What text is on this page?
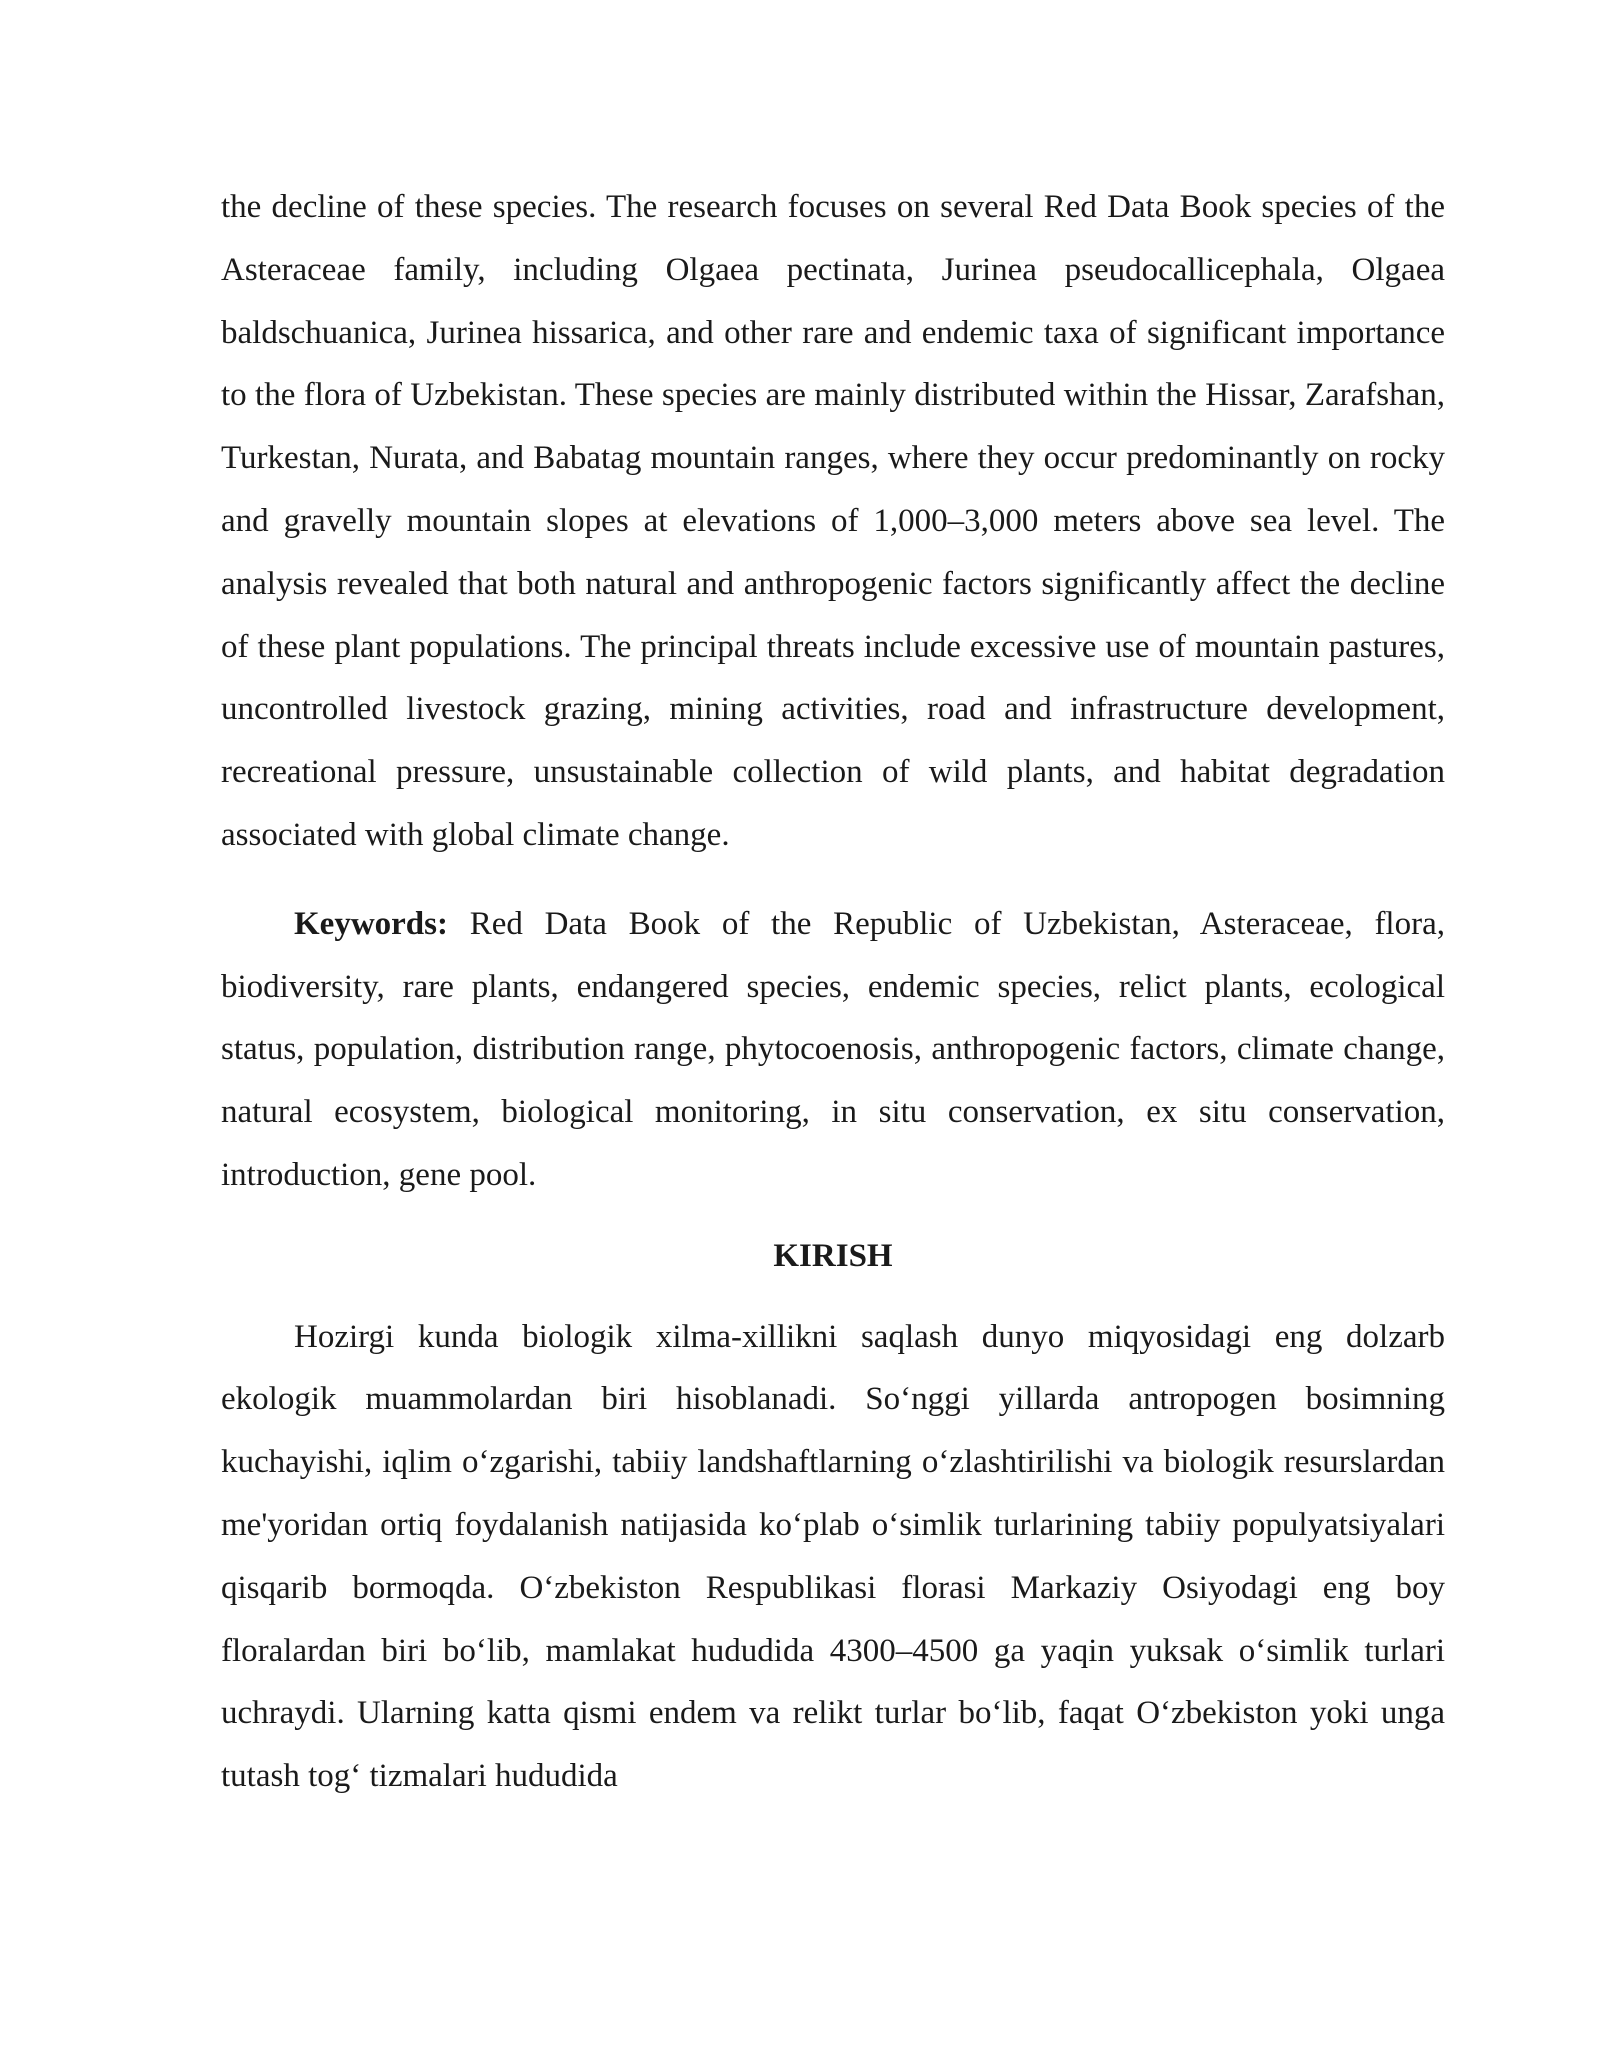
the decline of these species. The research focuses on several Red Data Book species of the Asteraceae family, including Olgaea pectinata, Jurinea pseudocallicephala, Olgaea baldschuanica, Jurinea hissarica, and other rare and endemic taxa of significant importance to the flora of Uzbekistan. These species are mainly distributed within the Hissar, Zarafshan, Turkestan, Nurata, and Babatag mountain ranges, where they occur predominantly on rocky and gravelly mountain slopes at elevations of 1,000–3,000 meters above sea level. The analysis revealed that both natural and anthropogenic factors significantly affect the decline of these plant populations. The principal threats include excessive use of mountain pastures, uncontrolled livestock grazing, mining activities, road and infrastructure development, recreational pressure, unsustainable collection of wild plants, and habitat degradation associated with global climate change.

Keywords: Red Data Book of the Republic of Uzbekistan, Asteraceae, flora, biodiversity, rare plants, endangered species, endemic species, relict plants, ecological status, population, distribution range, phytocoenosis, anthropogenic factors, climate change, natural ecosystem, biological monitoring, in situ conservation, ex situ conservation, introduction, gene pool.

KIRISH

Hozirgi kunda biologik xilma-xillikni saqlash dunyo miqyosidagi eng dolzarb ekologik muammolardan biri hisoblanadi. So‘nggi yillarda antropogen bosimning kuchayishi, iqlim o‘zgarishi, tabiiy landshaftlarning o‘zlashtirilishi va biologik resurslardan me'yoridan ortiq foydalanish natijasida ko‘plab o‘simlik turlarining tabiiy populyatsiyalari qisqarib bormoqda. O‘zbekiston Respublikasi florasi Markaziy Osiyodagi eng boy floralardan biri bo‘lib, mamlakat hududida 4300–4500 ga yaqin yuksak o‘simlik turlari uchraydi. Ularning katta qismi endem va relikt turlar bo‘lib, faqat O‘zbekiston yoki unga tutash tog‘ tizmalari hududida
